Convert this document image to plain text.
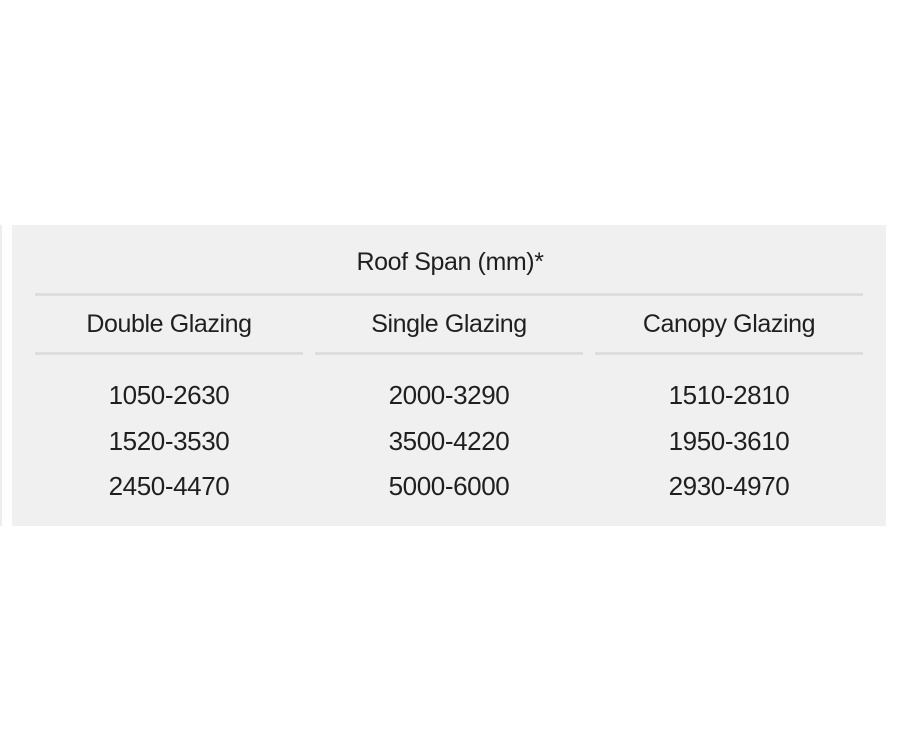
Roof Span (mm)*
Double Glazing
1050-2630
1520-3530
2450-4470
Single Glazing
2000-3290
3500-4220
5000-6000
Canopy Glazing
1510-2810
1950-3610
2930-4970
